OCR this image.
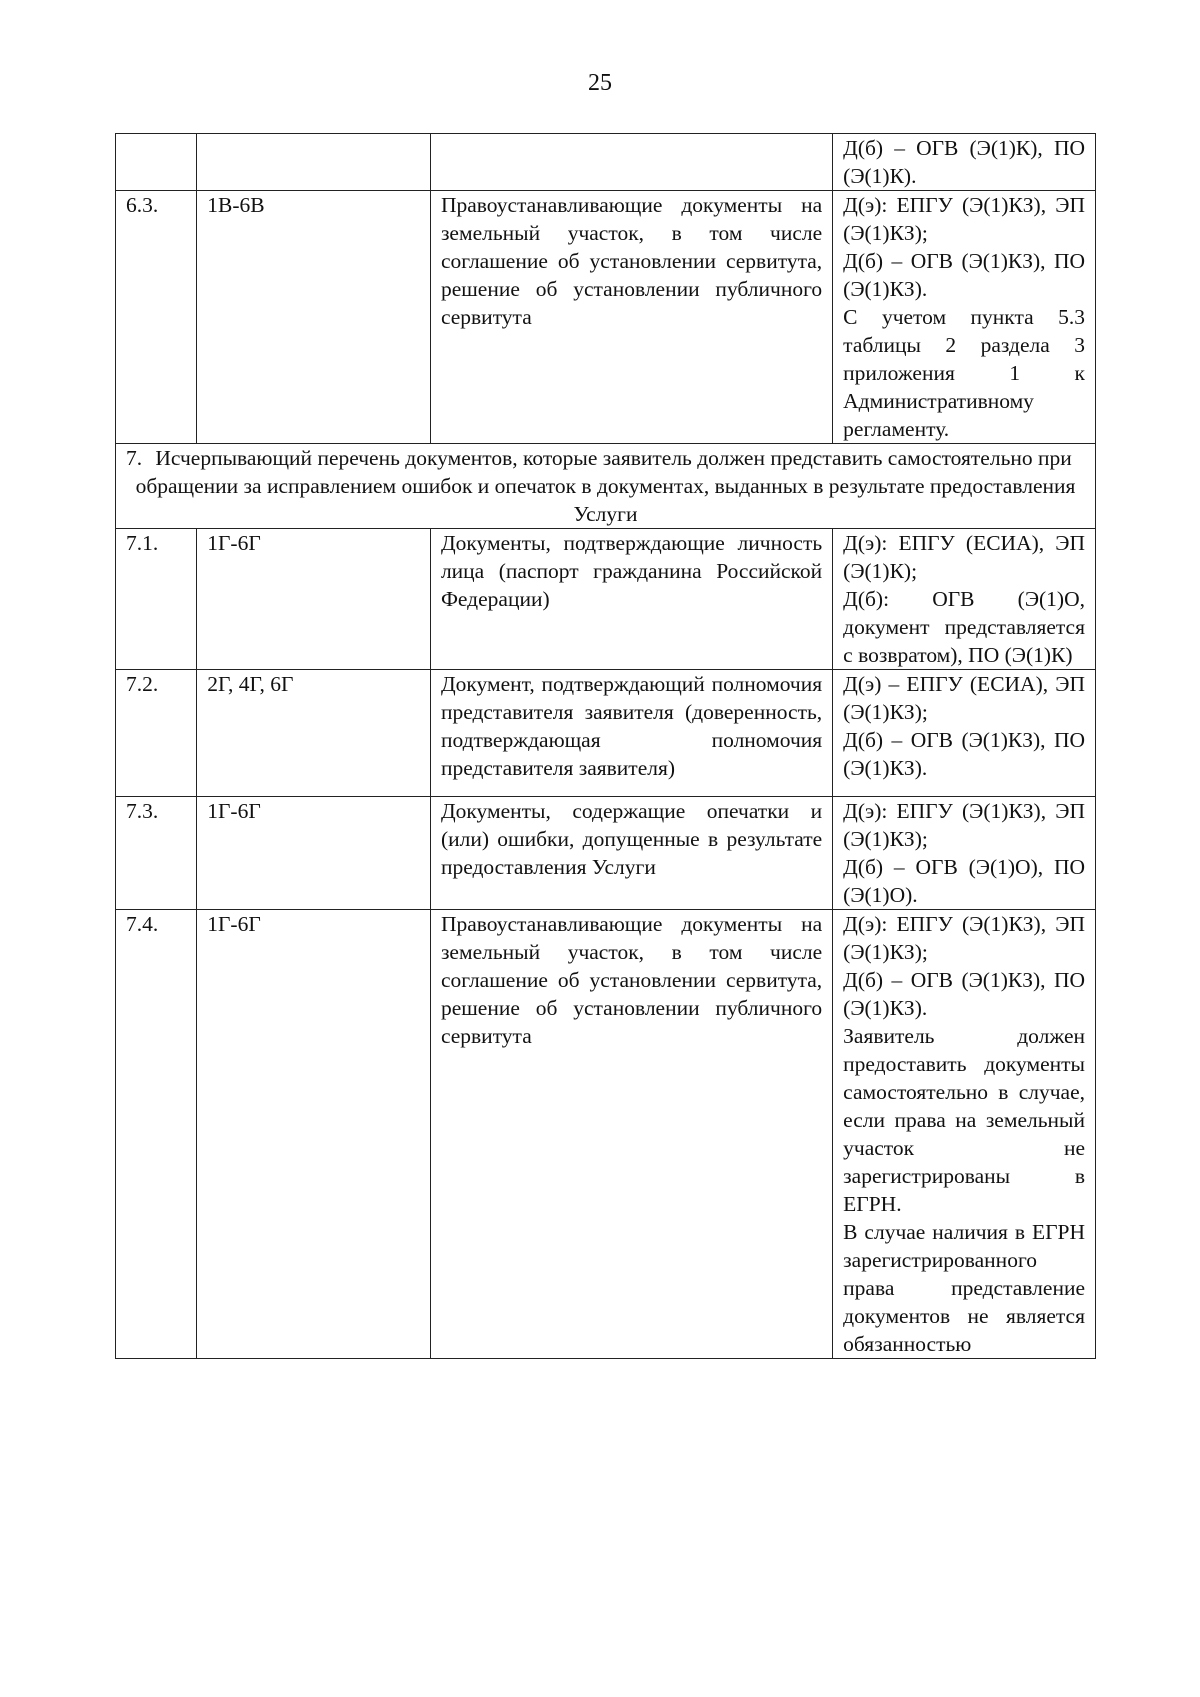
25

			Д(б) – ОГВ (Э(1)К), ПО (Э(1)К).

6.3.	1В-6В	Правоустанавливающие документы на земельный участок, в том числе соглашение об установлении сервитута, решение об установлении публичного сервитута	Д(э): ЕПГУ (Э(1)КЗ), ЭП (Э(1)КЗ);
Д(б) – ОГВ (Э(1)КЗ), ПО (Э(1)КЗ).
С учетом пункта 5.3 таблицы 2 раздела 3 приложения 1 к Административному регламенту.

7. Исчерпывающий перечень документов, которые заявитель должен представить самостоятельно при обращении за исправлением ошибок и опечаток в документах, выданных в результате предоставления Услуги			
7.1.	1Г-6Г	Документы, подтверждающие личность лица (паспорт гражданина Российской Федерации)	Д(э): ЕПГУ (ЕСИА), ЭП (Э(1)К);
Д(б): ОГВ (Э(1)О, документ представляется с возвратом), ПО (Э(1)К)

7.2.	2Г, 4Г, 6Г	Документ, подтверждающий полномочия представителя заявителя (доверенность, подтверждающая полномочия представителя заявителя)	Д(э) – ЕПГУ (ЕСИА), ЭП (Э(1)КЗ);
Д(б) – ОГВ (Э(1)КЗ), ПО (Э(1)КЗ).

7.3.	1Г-6Г	Документы, содержащие опечатки и (или) ошибки, допущенные в результате предоставления Услуги	Д(э): ЕПГУ (Э(1)КЗ), ЭП (Э(1)КЗ);
Д(б) – ОГВ (Э(1)О), ПО (Э(1)О).

7.4.	1Г-6Г	Правоустанавливающие документы на земельный участок, в том числе соглашение об установлении сервитута, решение об установлении публичного сервитута	Д(э): ЕПГУ (Э(1)КЗ), ЭП (Э(1)КЗ);
Д(б) – ОГВ (Э(1)КЗ), ПО (Э(1)КЗ).
Заявитель должен предоставить документы самостоятельно в случае, если права на земельный участок не зарегистрированы в ЕГРН.
В случае наличия в ЕГРН зарегистрированного права представление документов не является обязанностью
